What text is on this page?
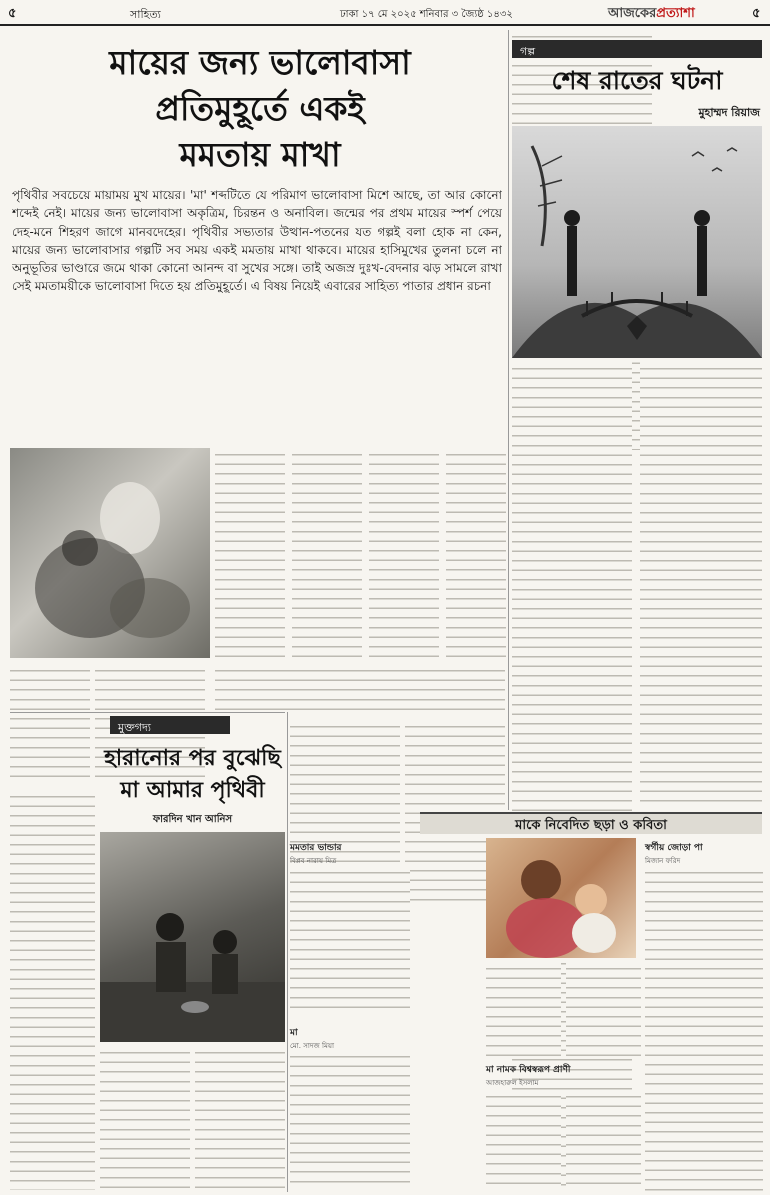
৫	সাহিত্য	ঢাকা ১৭ মে ২০২৫ শনিবার ৩ জ্যৈষ্ঠ ১৪৩২	আজকেরপ্রত্যাশা	৫
মায়ের জন্য ভালোবাসা
প্রতিমুহূর্তে একই
মমতায় মাখা
পৃথিবীর সবচেয়ে মায়াময় মুখ মায়ের। 'মা' শব্দটিতে যে পরিমাণ ভালোবাসা মিশে আছে, তা আর কোনো শব্দেই নেই। মায়ের জন্য ভালোবাসা অকৃত্রিম, চিরন্তন ও অনাবিল। জন্মের পর প্রথম মায়ের স্পর্শ পেয়ে দেহ-মনে শিহরণ জাগে মানবদেহের। পৃথিবীর সভ্যতার উত্থান-পতনের যত গল্পই বলা হোক না কেন, মায়ের জন্য ভালোবাসার গল্পটি সব সময় একই মমতায় মাখা থাকবে। মায়ের হাসিমুখের তুলনা চলে না অনুভূতির ভাণ্ডারে জমে থাকা কোনো আনন্দ বা সুখের সঙ্গে। তাই অজস্র দুঃখ-বেদনার ঝড় সামলে রাখা সেই মমতাময়ীকে ভালোবাসা দিতে হয় প্রতিমুহূর্তে। এ বিষয় নিয়েই এবারের সাহিত্য পাতার প্রধান রচনা
গল্প
শেষ রাতের ঘটনা
মুহাম্মদ রিয়াজ
মুক্তগদ্য
হারানোর পর বুঝেছি
মা আমার পৃথিবী
ফারদিন খান আনিস	মাকে নিবেদিত ছড়া ও কবিতা
মমতার ভান্ডার
বিপ্লব নারায় মিত্র
স্বর্গীয় জোড়া পা
মিজান ফরিদ
মা
মো. সাদজ মিয়া
মা নামক বিশ্বস্বরূপ প্রাণী
আজহারুল ইসলাম
